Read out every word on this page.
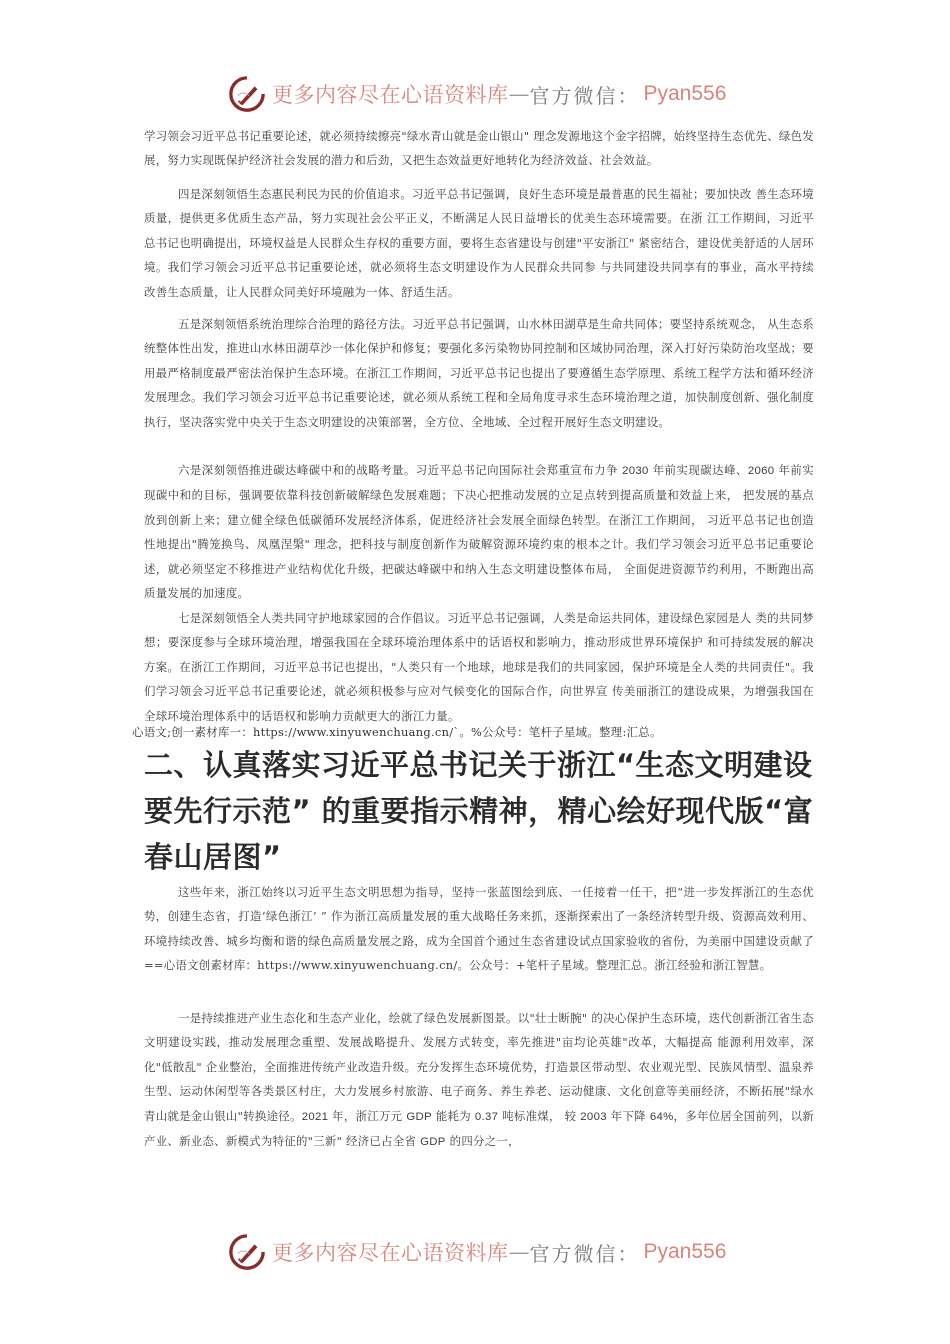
更多内容尽在心语资料库 — 官方微信： Pyan556

学习领会习近平总书记重要论述，就必须持续擦亮"绿水青山就是金山银山" 理念发源地这个金字招牌，始终坚持生态优先、绿色发展，努力实现既保护经济社会发展的潜力和后劲，又把生态效益更好地转化为经济效益、社会效益。

四是深刻领悟生态惠民利民为民的价值追求。习近平总书记强调，良好生态环境是最普惠的民生福祉；要加快改 善生态环境质量，提供更多优质生态产品，努力实现社会公平正义，不断满足人民日益增长的优美生态环境需要。在浙 江工作期间，习近平总书记也明确提出，环境权益是人民群众生存权的重要方面，要将生态省建设与创建"平安浙江" 紧密结合，建设优美舒适的人居环境。我们学习领会习近平总书记重要论述，就必须将生态文明建设作为人民群众共同参 与共同建设共同享有的事业，高水平持续改善生态质量，让人民群众同美好环境融为一体、舒适生活。

五是深刻领悟系统治理综合治理的路径方法。习近平总书记强调，山水林田湖草是生命共同体；要坚持系统观念， 从生态系统整体性出发，推进山水林田湖草沙一体化保护和修复；要强化多污染物协同控制和区域协同治理，深入打好污染防治攻坚战；要用最严格制度最严密法治保护生态环境。在浙江工作期间，习近平总书记也提出了要遵循生态学原理、系统工程学方法和循环经济发展理念。我们学习领会习近平总书记重要论述，就必须从系统工程和全局角度寻求生态环境治理之道，加快制度创新、强化制度执行，坚决落实党中央关于生态文明建设的决策部署，全方位、全地域、全过程开展好生态文明建设。

六是深刻领悟推进碳达峰碳中和的战略考量。习近平总书记向国际社会郑重宣布力争 2030 年前实现碳达峰、2060 年前实现碳中和的目标，强调要依靠科技创新破解绿色发展难题；下决心把推动发展的立足点转到提高质量和效益上来， 把发展的基点放到创新上来；建立健全绿色低碳循环发展经济体系，促进经济社会发展全面绿色转型。在浙江工作期间， 习近平总书记也创造性地提出"腾笼换鸟、凤凰涅槃" 理念，把科技与制度创新作为破解资源环境约束的根本之计。我们学习领会习近平总书记重要论述，就必须坚定不移推进产业结构优化升级，把碳达峰碳中和纳入生态文明建设整体布局， 全面促进资源节约利用，不断跑出高质量发展的加速度。

七是深刻领悟全人类共同守护地球家⁢园的合作倡议。习近平总书记强调，人类是命运共同体，建设绿色家园是人 类的共同梦想；要深度参与全球环境治理，增强我国在全球环境治理体系中的话语权和影响力，推动形成世界环境保护 和可持续发展的解决方案。在浙江工作期间，习近平总书记也提出，"人类只有一个地球，地球是我们的共同家园，保护环境是全人类的共同责任"。我们学习领会习近平总书记重要论述，就必须积极参与应对气候变化的国际合作，向世界宣 传美丽浙江的建设成果，为增强我国在全球环境治理体系中的话语权和影响力贡献更大的浙江力量。

心语文;创一素材库一：https://www.xinyuwenchuang.cn/`。%公众号：笔杆子星域。整理:汇总。
二、认真落实习近平总书记关于浙江“生态文明建设要先行示范” 的重要指示精神，精心绘好现代版“富春山居图”

这些年来，浙江始终以习近平生态文明思想为指导，坚持一张蓝图绘到底、一任接着一任干，把“进一步发挥浙江的生态优势，创建生态省，打造‘绿色浙江’ ” 作为浙江高质量发展的重大战略任务来抓，逐渐探索出了一条经济转型升级、资源高效利用、环境持续改善、城乡均衡和谐的绿色高质量发展之路，成为全国首个通过生态省建设试点国家验收的省份，为美丽中国建设贡献了==心语文创素材库：https://www.xinyuwenchuang.cn/。公众号：+笔杆子星域。整理汇总。浙江经验和浙江智慧。

一是持续推进产业生态化和生态产业化，绘就了绿色发展新图景。以"壮士断腕" 的决心保护生态环境，迭代创新浙江省生态文明建设实践，推动发展理念重塑、发展战略提升、发展方式转变，率先推进"亩均论英雄"改革，大幅提高 能源利用效率，深化"低散乱" 企业整治，全面推进传统产业改造升级。充分发挥生态环境优势，打造景区带动型、农业观光型、民族风情型、温泉养生型、运动休闲型等各类景区村庄，大力发展乡村旅游、电子商务、养生养老、运动健康、文化创意等美丽经济，不断拓展"绿水青山就是金山银山"转换途径。2021 年，浙江万元 GDP 能耗为 0.37 吨标准煤， 较 2003 年下降 64%，多年位居全国前列，以新产业、新业态、新模式为特征的"三新" 经济已占全省 GDP 的四分之一，

更多内容尽在心语资料库 — 官方微信： Pyan556
